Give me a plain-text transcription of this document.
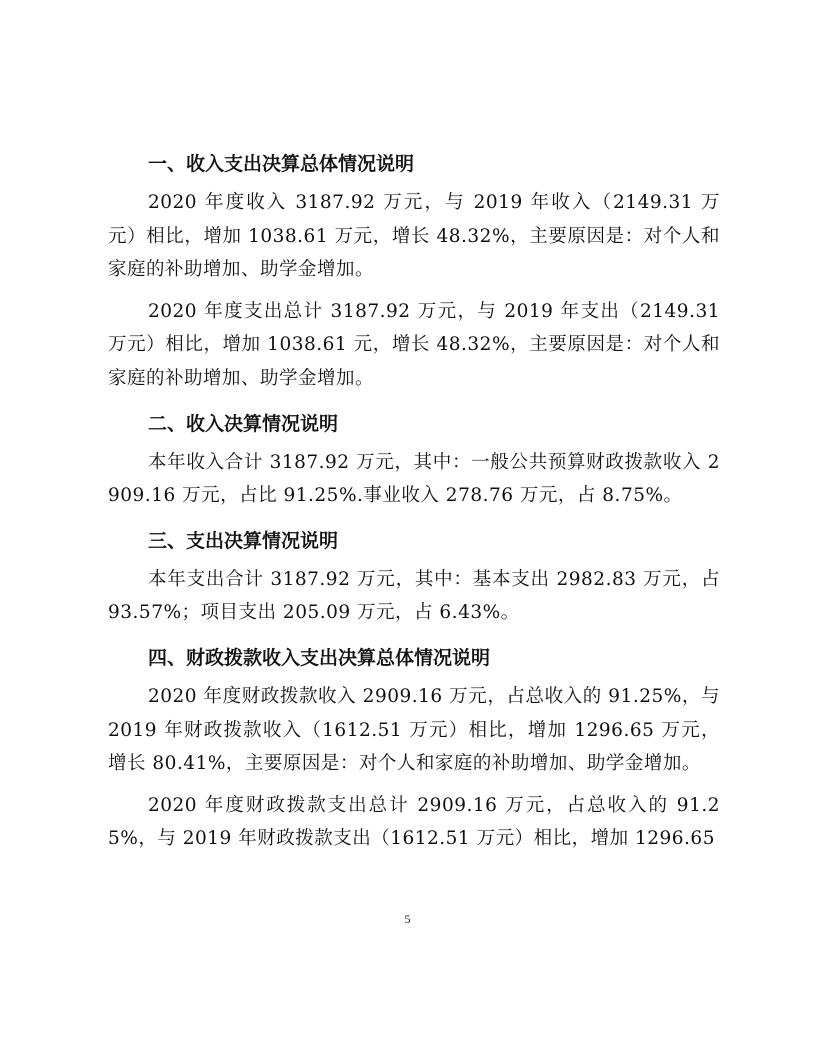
一、收入支出决算总体情况说明

2020 年度收入 3187.92 万元，与 2019 年收入（2149.31 万元）相比，增加 1038.61 万元，增长 48.32%，主要原因是：对个人和家庭的补助增加、助学金增加。

2020 年度支出总计 3187.92 万元，与 2019 年支出（2149.31 万元）相比，增加 1038.61 元，增长 48.32%，主要原因是：对个人和家庭的补助增加、助学金增加。

二、收入决算情况说明

本年收入合计 3187.92 万元，其中：一般公共预算财政拨款收入 2909.16 万元，占比 91.25%.事业收入 278.76 万元，占 8.75%。

三、支出决算情况说明

本年支出合计 3187.92 万元，其中：基本支出 2982.83 万元，占 93.57%；项目支出 205.09 万元，占 6.43%。

四、财政拨款收入支出决算总体情况说明

2020 年度财政拨款收入 2909.16 万元，占总收入的 91.25%，与 2019 年财政拨款收入（1612.51 万元）相比，增加 1296.65 万元，增长 80.41%，主要原因是：对个人和家庭的补助增加、助学金增加。

2020 年度财政拨款支出总计 2909.16 万元，占总收入的 91.25%，与 2019 年财政拨款支出（1612.51 万元）相比，增加 1296.65

5
